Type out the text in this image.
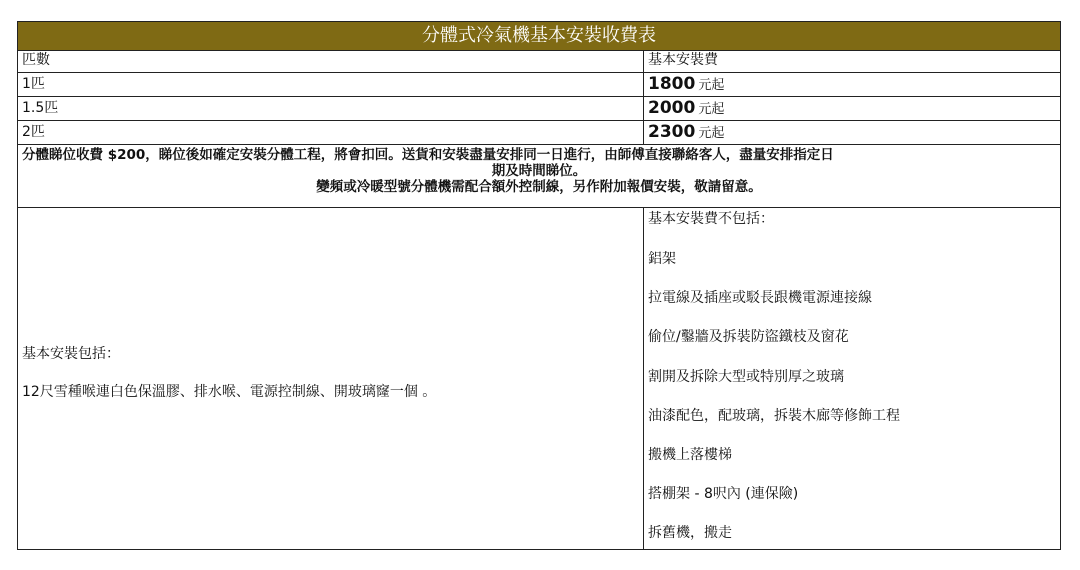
分體式冷氣機基本安裝收費表
匹數	基本安裝費
1匹	1800 元起
1.5匹	2000 元起
2匹	2300 元起
分體睇位收費 $200，睇位後如確定安裝分體工程，將會扣回。送貨和安裝盡量安排同一日進行，由師傅直接聯絡客人，盡量安排指定日
期及時間睇位。
變頻或冷暖型號分體機需配合額外控制線，另作附加報價安裝，敬請留意。
基本安裝包括：
12尺雪種喉連白色保溫膠、排水喉、電源控制線、開玻璃窿一個 。
基本安裝費不包括：
鋁架
拉電線及插座或駁長跟機電源連接線
偷位/鑿牆及拆裝防盜鐵枝及窗花
割開及拆除大型或特別厚之玻璃
油漆配色，配玻璃，拆裝木廊等修飾工程
搬機上落樓梯
搭棚架 - 8呎內 (連保險)
拆舊機，搬走
